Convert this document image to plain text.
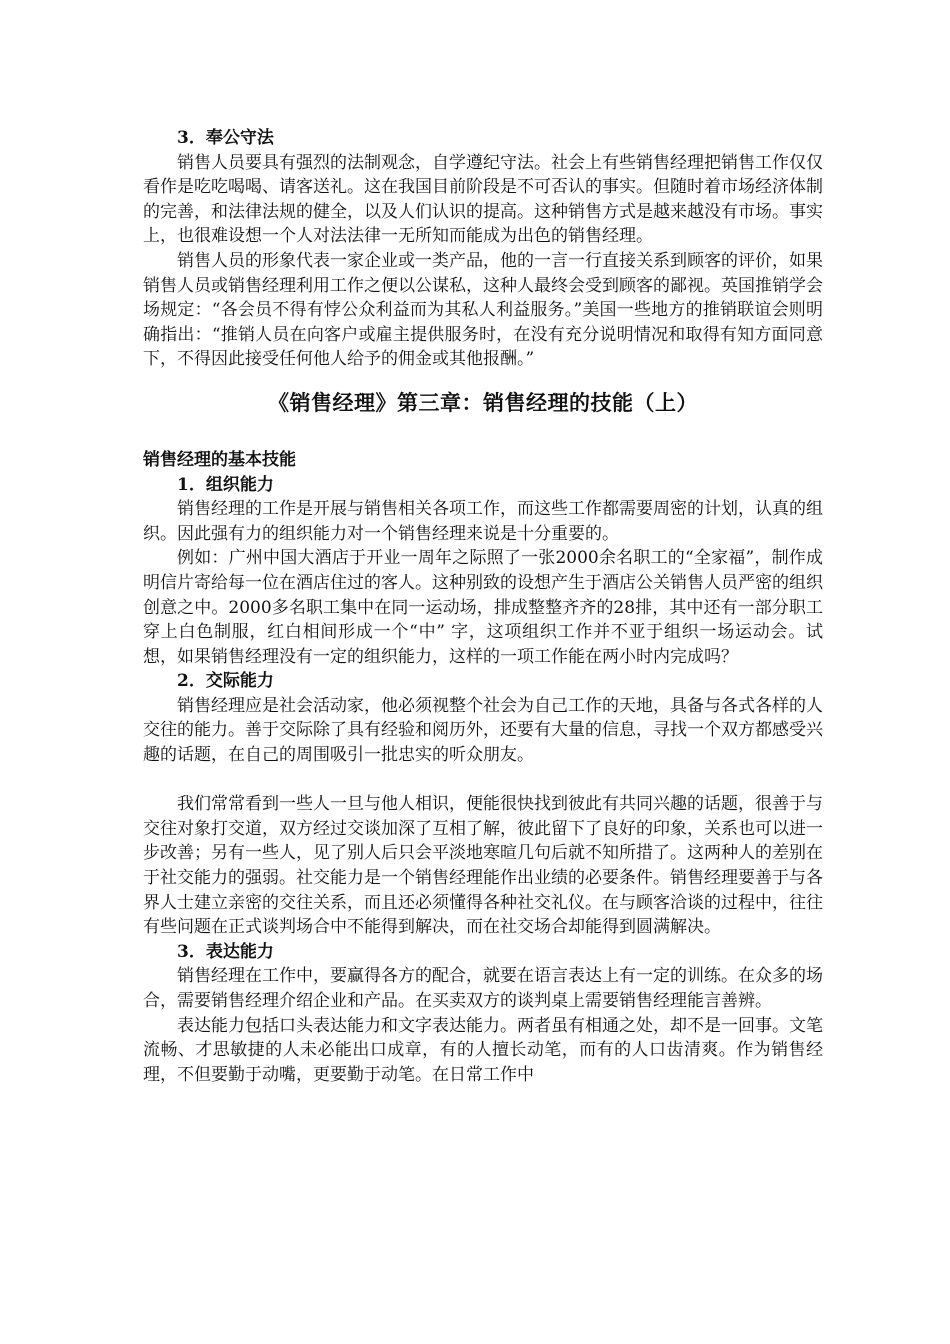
3．奉公守法

销售人员要具有强烈的法制观念，自学遵纪守法。社会上有些销售经理把销售工作仅仅看作是吃吃喝喝、请客送礼。这在我国目前阶段是不可否认的事实。但随时着市场经济体制的完善，和法律法规的健全，以及人们认识的提高。这种销售方式是越来越没有市场。事实上，也很难设想一个人对法法律一无所知而能成为出色的销售经理。

销售人员的形象代表一家企业或一类产品，他的一言一行直接关系到顾客的评价，如果销售人员或销售经理利用工作之便以公谋私，这种人最终会受到顾客的鄙视。英国推销学会场规定：“各会员不得有悖公众利益而为其私人利益服务。”美国一些地方的推销联谊会则明确指出：“推销人员在向客户或雇主提供服务时，在没有充分说明情况和取得有知方面同意下，不得因此接受任何他人给予的佣金或其他报酬。”

《销售经理》第三章：销售经理的技能（上）
销售经理的基本技能
1．组织能力

销售经理的工作是开展与销售相关各项工作，而这些工作都需要周密的计划，认真的组织。因此强有力的组织能力对一个销售经理来说是十分重要的。

例如：广州中国大酒店于开业一周年之际照了一张2000余名职工的“全家福”，制作成明信片寄给每一位在酒店住过的客人。这种别致的设想产生于酒店公关销售人员严密的组织创意之中。2000多名职工集中在同一运动场，排成整整齐齐的28排，其中还有一部分职工穿上白色制服，红白相间形成一个“中” 字，这项组织工作并不亚于组织一场运动会。试想，如果销售经理没有一定的组织能力，这样的一项工作能在两小时内完成吗？

2．交际能力

销售经理应是社会活动家，他必须视整个社会为自己工作的天地，具备与各式各样的人交往的能力。善于交际除了具有经验和阅历外，还要有大量的信息，寻找一个双方都感受兴趣的话题，在自己的周围吸引一批忠实的听众朋友。

我们常常看到一些人一旦与他人相识，便能很快找到彼此有共同兴趣的话题，很善于与交往对象打交道，双方经过交谈加深了互相了解，彼此留下了良好的印象，关系也可以进一步改善；另有一些人，见了别人后只会平淡地寒暄几句后就不知所措了。这两种人的差别在于社交能力的强弱。社交能力是一个销售经理能作出业绩的必要条件。销售经理要善于与各界人士建立亲密的交往关系，而且还必须懂得各种社交礼仪。在与顾客洽谈的过程中，往往有些问题在正式谈判场合中不能得到解决，而在社交场合却能得到圆满解决。

3．表达能力

销售经理在工作中，要赢得各方的配合，就要在语言表达上有一定的训练。在众多的场合，需要销售经理介绍企业和产品。在买卖双方的谈判桌上需要销售经理能言善辨。

表达能力包括口头表达能力和文字表达能力。两者虽有相通之处，却不是一回事。文笔流畅、才思敏捷的人未必能出口成章，有的人擅长动笔，而有的人口齿清爽。作为销售经理，不但要勤于动嘴，更要勤于动笔。在日常工作中
